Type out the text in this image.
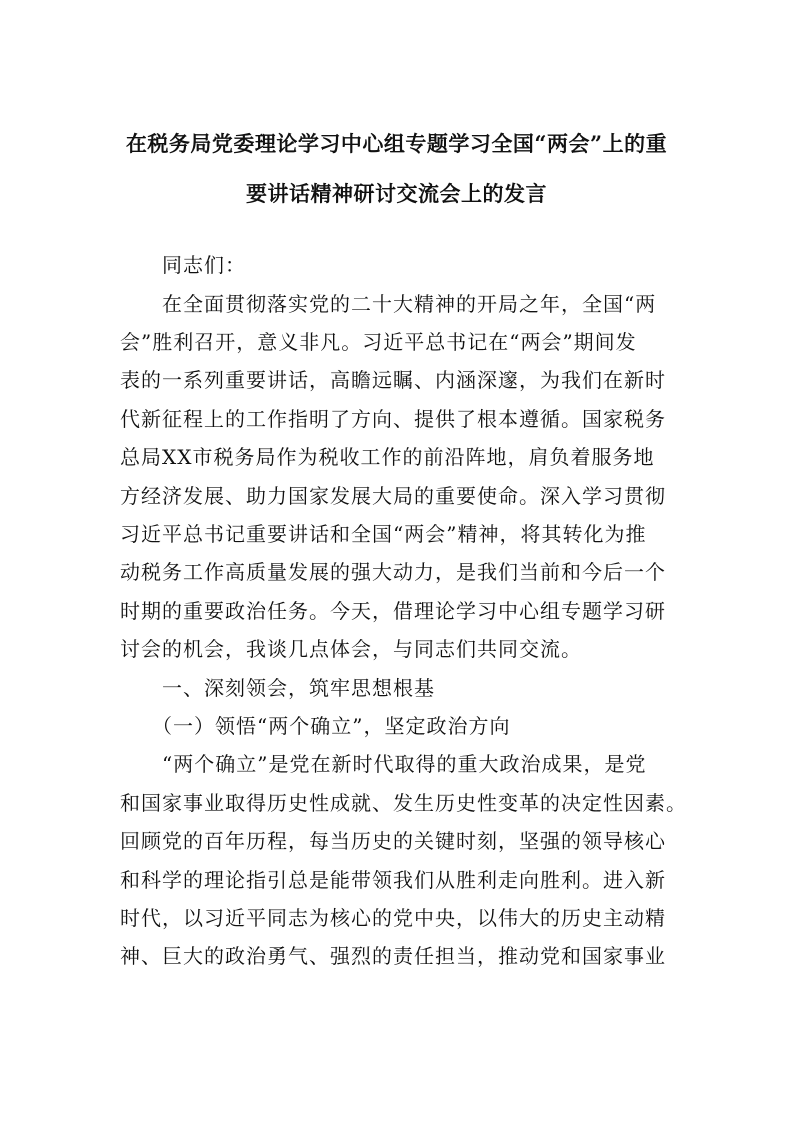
在税务局党委理论学习中心组专题学习全国“两会”上的重
要讲话精神研讨交流会上的发言
　　同志们：
　　在全面贯彻落实党的二十大精神的开局之年，全国“两
会”胜利召开，意义非凡。习近平总书记在“两会”期间发
表的一系列重要讲话，高瞻远瞩、内涵深邃，为我们在新时
代新征程上的工作指明了方向、提供了根本遵循。国家税务
总局XX市税务局作为税收工作的前沿阵地，肩负着服务地
方经济发展、助力国家发展大局的重要使命。深入学习贯彻
习近平总书记重要讲话和全国“两会”精神，将其转化为推
动税务工作高质量发展的强大动力，是我们当前和今后一个
时期的重要政治任务。今天，借理论学习中心组专题学习研
讨会的机会，我谈几点体会，与同志们共同交流。
　　一、深刻领会，筑牢思想根基
　　（一）领悟“两个确立”，坚定政治方向
　　“两个确立”是党在新时代取得的重大政治成果，是党
和国家事业取得历史性成就、发生历史性变革的决定性因素。
回顾党的百年历程，每当历史的关键时刻，坚强的领导核心
和科学的理论指引总是能带领我们从胜利走向胜利。进入新
时代，以习近平同志为核心的党中央，以伟大的历史主动精
神、巨大的政治勇气、强烈的责任担当，推动党和国家事业
